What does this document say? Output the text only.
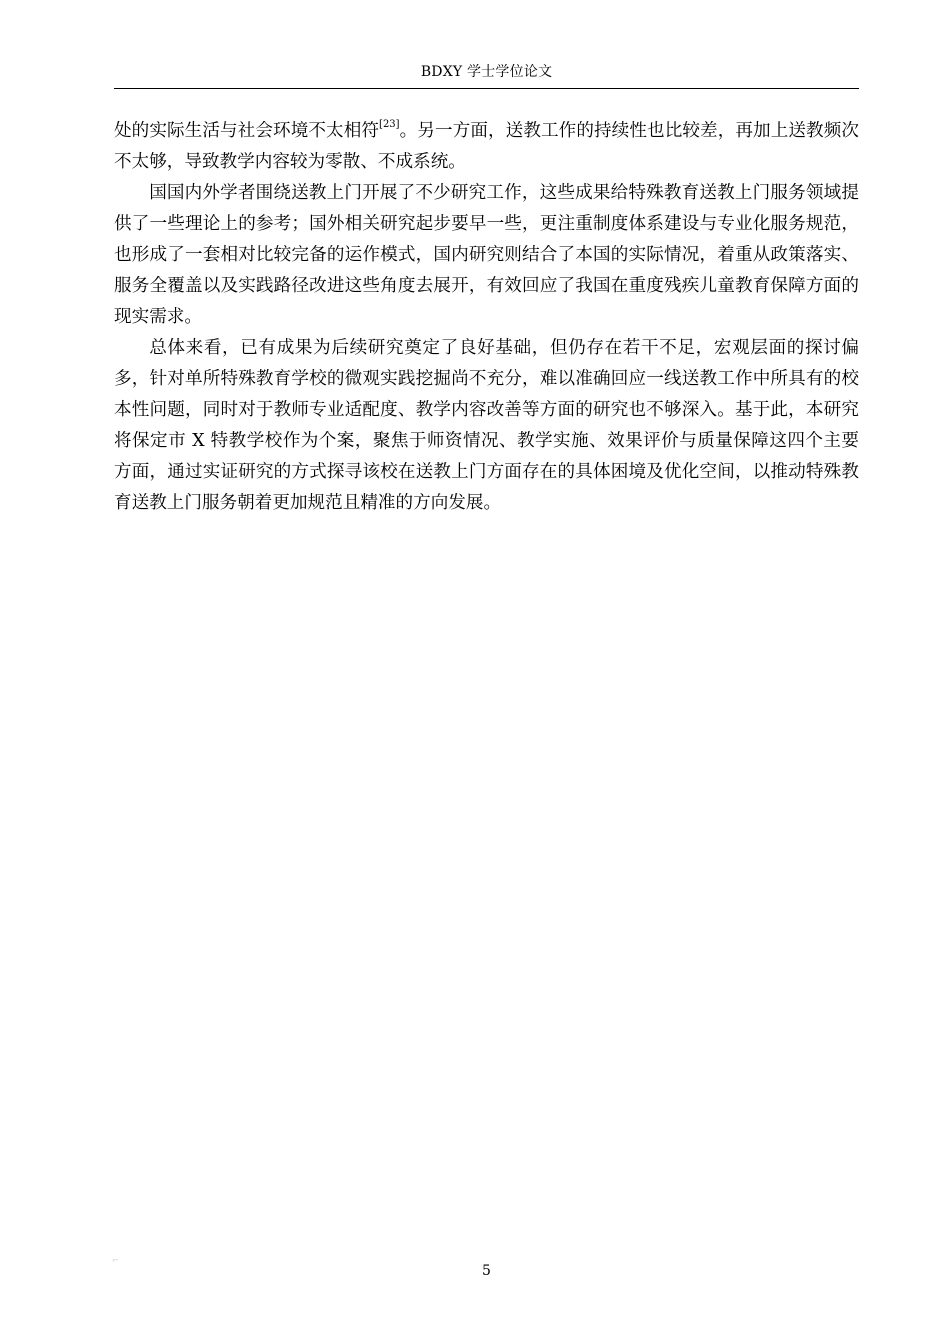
BDXY 学士学位论文

处的实际生活与社会环境不太相符[23]。另一方面，送教工作的持续性也比较差，再加上送教频次不太够，导致教学内容较为零散、不成系统。

国国内外学者围绕送教上门开展了不少研究工作，这些成果给特殊教育送教上门服务领域提供了一些理论上的参考；国外相关研究起步要早一些，更注重制度体系建设与专业化服务规范，也形成了一套相对比较完备的运作模式，国内研究则结合了本国的实际情况，着重从政策落实、服务全覆盖以及实践路径改进这些角度去展开，有效回应了我国在重度残疾儿童教育保障方面的现实需求。

总体来看，已有成果为后续研究奠定了良好基础，但仍存在若干不足，宏观层面的探讨偏多，针对单所特殊教育学校的微观实践挖掘尚不充分，难以准确回应一线送教工作中所具有的校本性问题，同时对于教师专业适配度、教学内容改善等方面的研究也不够深入。基于此，本研究将保定市 X 特教学校作为个案，聚焦于师资情况、教学实施、效果评价与质量保障这四个主要方面，通过实证研究的方式探寻该校在送教上门方面存在的具体困境及优化空间，以推动特殊教育送教上门服务朝着更加规范且精准的方向发展。

⌐
5
